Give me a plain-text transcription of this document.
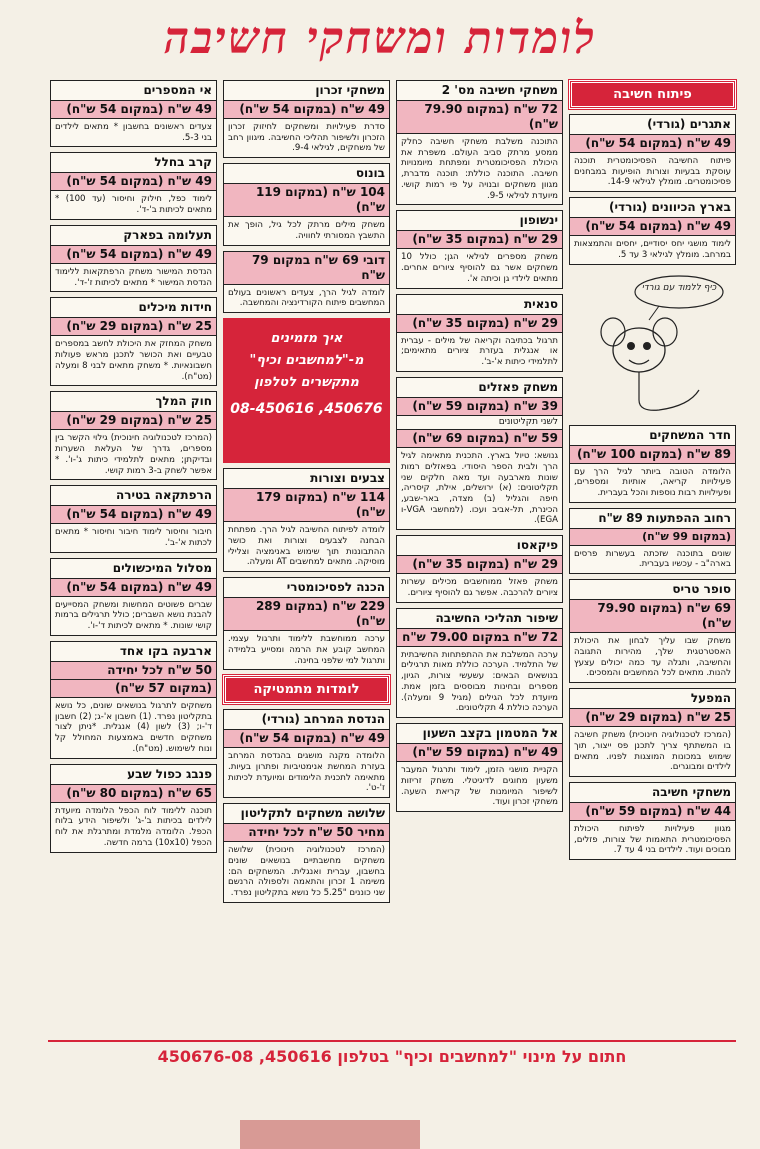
לומדות ומשחקי חשיבה
פיתוח חשיבה
אתגרים (גורדי)
49 ש"ח (במקום 54 ש"ח)
פיתוח החשיבה הפסיכומטרית תוכנה עוסקת בבעיות וצורות הופיעות במבחנים פסיכומטרים. מומלץ לגילאי 14-9.
בארץ הכיוונים (גורדי)
49 ש"ח (במקום 54 ש"ח)
לימוד מושגי יחס יסודיים, יחסים והתמצאות במרחב. מומלץ לגילאי 3 עד 5.
כיף ללמוד עם גורדי
חדר המשחקים
89 ש"ח (במקום 100 ש"ח)
הלומדה הטובה ביותר לגיל הרך עם פעילויות קריאה, אותיות ומספרים, ופעילויות רבות נוספות והכל בעברית.
רחוב ההפתעות 89 ש"ח
(במקום 99 ש"ח)
שונים בתוכנה שזכתה בעשרות פרסים בארה"ב - עכשיו בעברית.
סופר טריס
69 ש"ח (במקום 79.90 ש"ח)
משחק שבו עליך לבחון את היכולת האסטרטגית שלך, מהירות התגובה והחשיבה, ותגלה עד כמה יכולים עצעץ להנות. מתאים לכל המחשבים והמסכים.
המפעל
25 ש"ח (במקום 29 ש"ח)
(המרכז לטכנולוגיה חינוכית) משחק חשיבה בו המשתתף צריך לתכנן פס ייצור, תוך שימוש במכונות המוצגות לפניו. מתאים לילדים ומבוגרים.
משחקי חשיבה
44 ש"ח (במקום 59 ש"ח)
מגוון פעילויות לפיתוח היכולת הפסיכומטרית התאמות של צורות, פזלים, מבוכים ועוד. לילדים בני 4 עד 7.
משחקי חשיבה מס' 2
72 ש"ח (במקום 79.90 ש"ח)
התוכנה משלבת משחקי חשיבה כחלק ממסע מרתק סביב העולם. משפרת את היכולת הפסיכומטרית ומפתחת מיומנויות חשיבה. התוכנה כוללת: תוכנה מדברת, מגוון משחקים ובנויה על פי רמות קושי. מיועדת לגילאי 9-5.
ינשופון
29 ש"ח (במקום 35 ש"ח)
משחק מספרים לגילאי הגן; כולל 10 משחקים אשר גם להוסיף ציורים אחרים. מתאים לילדי גן וכיתה א'.
סנאית
29 ש"ח (במקום 35 ש"ח)
תרגול בכתיבה וקריאה של מילים - עברית או אנגלית בעזרת ציורים מתאימים; לתלמידי כיתות א'-ב'.
משחק פאזלים
39 ש"ח (במקום 59 ש"ח)
לשני תקליטונים
59 ש"ח (במקום 69 ש"ח)
גנושא: טיול בארץ. התכנית מתאימה לגיל הרך ולבית הספר היסודי. בפאזלים רמות שונות מארבעה ועד מאה חלקים שני תקליטונים: (א) ירושלים, אילת, קיסריה, חיפה והגליל (ב) מצדה, באר-שבע, הכינרת, תל-אביב ועכו. (למחשבי VGA-ו EGA).
פיקאסו
29 ש"ח (במקום 35 ש"ח)
משחק פאזל ממוחשבים מכילים עשרות ציורים להרכבה. אפשר גם להוסיף ציורים.
שיפור תהליכי החשיבה
72 ש"ח במקום 79.00 ש"ח
ערכה המשלבת את ההתפתחות החשיבתית של התלמיד. הערכה כוללת מאות תרגילים בנושאים הבאים: עשעשי צורות, הגיון, מספרים ובחינות מבוססים בזמן אמת. מיועדת לכל הגילים (מגיל 9 ומעלה). הערכה כוללת 4 תקליטונים.
אל המטמון בקצב השעון
49 ש"ח (במקום 59 ש"ח)
הקניית מושגי הזמן, לימוד ותרגול המעבר משעון מחוגים לדיגיטלי. משחק זריזות לשיפור המיומנות של קריאת השעה. משחקי זכרון ועוד.
משחקי זכרון
49 ש"ח (במקום 54 ש"ח)
סדרת פעילויות ומשחקים לחיזוק זכרון הזכרון ולשיפור תהליכי החשיבה. מיגוון רחב של משחקים, לגילאי 9-4.
בונוס
104 ש"ח (במקום 119 ש"ח)
משחק מילים מרתק לכל גיל, הופך את התשבץ המסורתי לחוויה.
דובי 69 ש"ח במקום 79 ש"ח
לומדה לגיל הרך, צעדים ראשונים בעולם המחשבים פיתוח הקורדינציה והמחשבה.
איך מזמינים
מ-"למחשבים וכיף"
מתקשרים לטלפון
08-450616 ,450676
צבעים וצורות
114 ש"ח (במקום 179 ש"ח)
לומדה לפיתוח החשיבה לגיל הרך. מפתחת הבחנה לצבעים וצורות ואת כושר ההתבוננות תוך שימוש באנימציה וצלילי מוסיקה. מתאים למחשבים AT ומעלה.
הכנה לפסיכומטרי
229 ש"ח (במקום 289 ש"ח)
ערכה ממוחשבת ללימוד ותרגול עצמי. המחשב קובע את הרמה ומסייע בלמידה ותרגול למי שלפני בחינה.
לומדות מתמטיקה
הנדסת המרחב (גורדי)
49 ש"ח (במקום 54 ש"ח)
הלומדה מקנה מושגים בהנדסת המרחב בעזרת המחשת אנימטיביות ופתרון בעיות. מתאימה לתכנית הלימודים ומיועדת לכיתות ז'-ט'.
שלושה משחקים לתקליטון
מחיר 50 ש"ח לכל יחידה
(המרכז לטכנולוגיה חינוכית) שלושה משחקים מחשבתיים בנושאים שונים בחשבון, עברית ואנגלית. המשחקים הם: משימה 1 זכרון והתאמה ולספולה הרנשם שני כוננים "5.25 כל נושא בתקליטון נפרד.
אי המספרים
49 ש"ח (במקום 54 ש"ח)
צעדים ראשונים בחשבון * מתאים לילדים בני 5-3.
קרב בחלל
49 ש"ח (במקום 54 ש"ח)
לימוד כפל, חילוק וחיסור (עד 100) * מתאים לכיתות ב'-ד'.
תעלומה בפארק
49 ש"ח (במקום 54 ש"ח)
הנדסת המישור משחק הרפתקאות ללימוד הנדסת המישור * מתאים לכיתות ז'-ד'.
חידות מיכלים
25 ש"ח (במקום 29 ש"ח)
משחק המחזק את היכולת לחשב במספרים טבעיים ואת הכושר לתכנן מראש פעולות חשבונאיות. * משחק מתאים לבני 8 ומעלה (מט"ח).
חוק המלך
25 ש"ח (במקום 29 ש"ח)
(המרכז לטכנולוגיה חינוכית) גילוי הקשר בין מספרים, גדרך של העלאת השערות ובדיקתן; מתאים לתלמידי כיתות ג'-ו'. * אפשר לשחק ב-3 רמות קושי.
הרפתקאה בטירה
49 ש"ח (במקום 54 ש"ח)
חיבור וחיסור לימוד חיבור וחיסור * מתאים לכתות א'-ב'.
מסלול המיכשולים
49 ש"ח (במקום 54 ש"ח)
שברים פשוטים המחשות ומשחק המסייעים להבנת נושא השברים; כולל תרגילים ברמות קושי שונות. * מתאים לכיתות ד'-ו'.
ארבעה בקו אחד
50 ש"ח לכל יחידה
(במקום 57 ש"ח)
משחקים לתרגול בנושאים שונים, כל נושא בתקליטון נפרד. (1) חשבון א'-ג; (2) חשבון ד'-ו; (3) לשון (4) אנגלית. *ניתן לצור משחקים חדשים באמצעות המחולל קל ונוח לשימוש. (מט"ח).
פנבג כפול שבע
65 ש"ח (במקום 80 ש"ח)
תוכנה ללימוד לוח הכפל הלומדה מיועדת לילדים בכיתות ב'-ג' ולשיפור הידע בלוח הכפל. הלומדה מלמדת ומתרגלת את לוח הכפל (10x10) ברמה חדשה.
חתום על מינוי "למחשבים וכיף" בטלפון 450616, 450676-08
